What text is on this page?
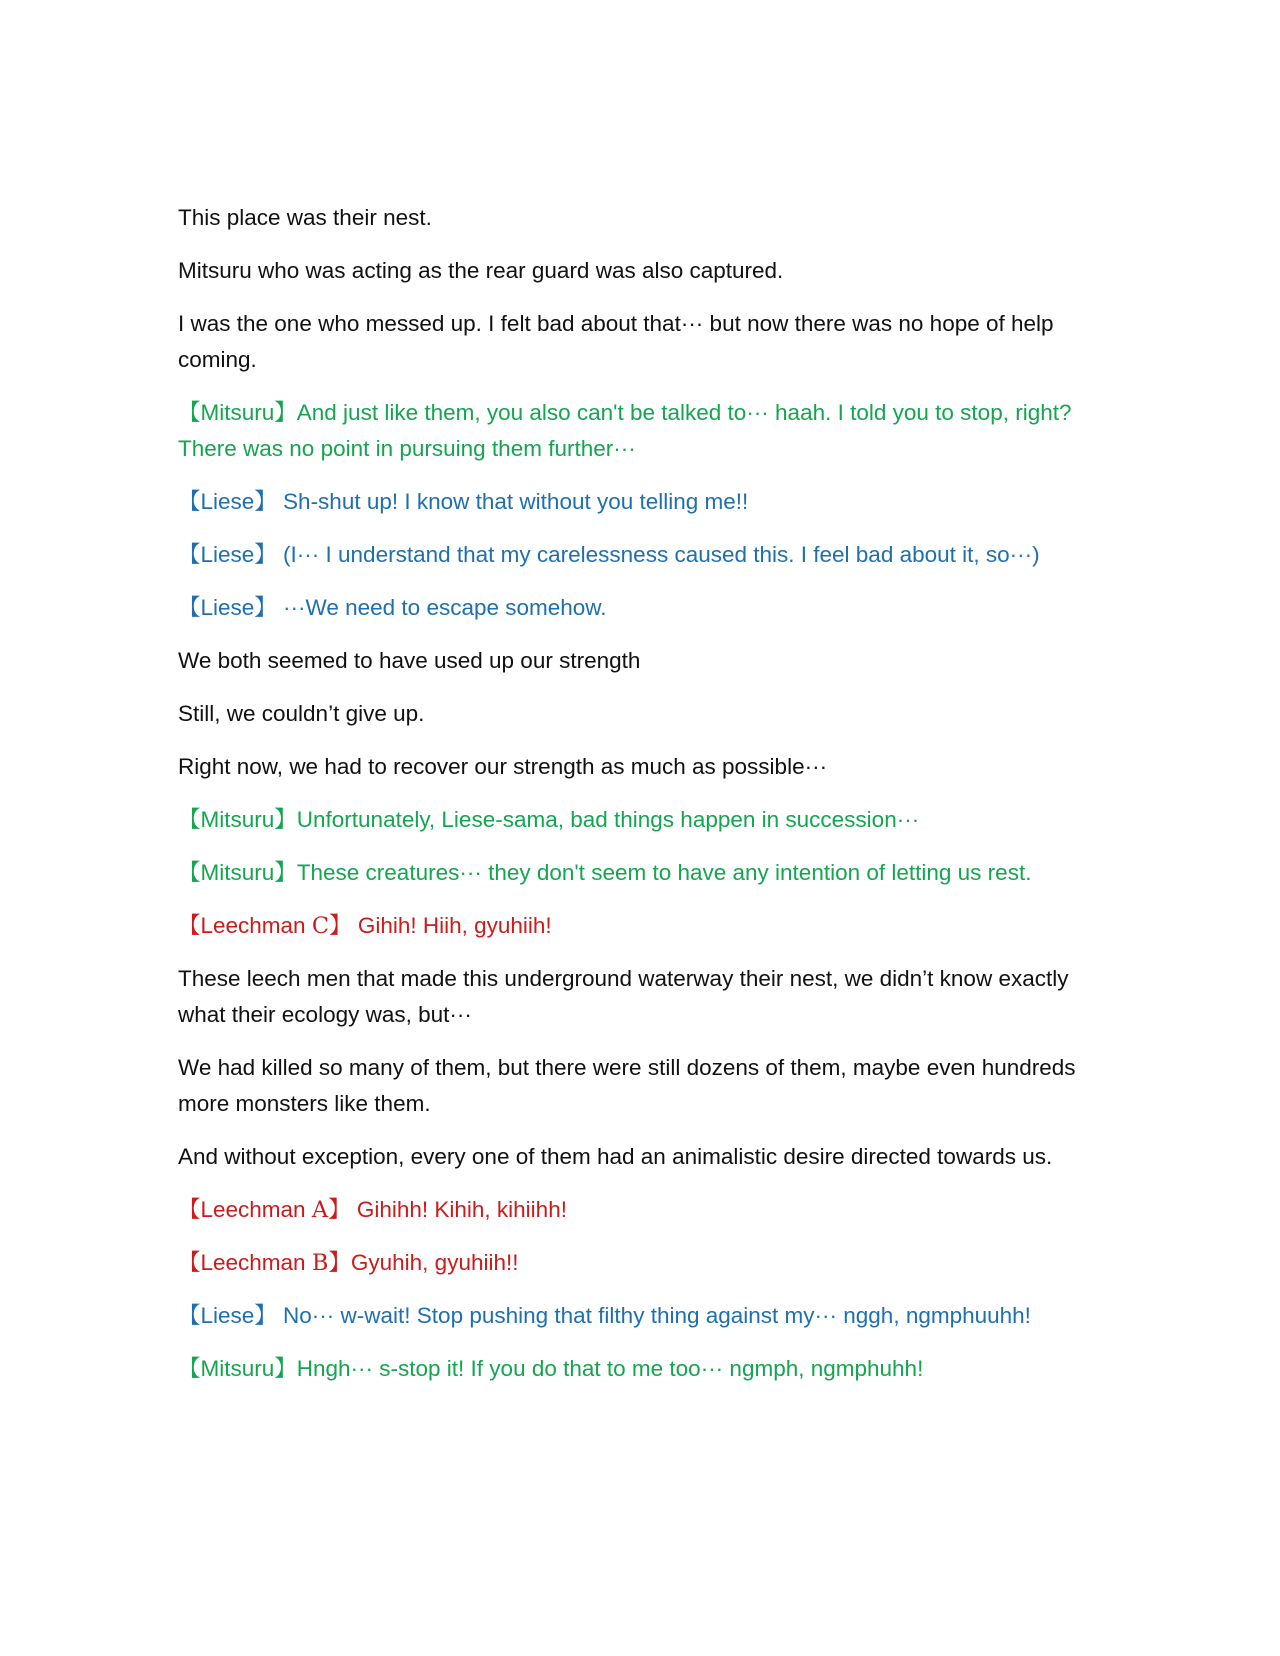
This place was their nest.

Mitsuru who was acting as the rear guard was also captured.

I was the one who messed up. I felt bad about that··· but now there was no hope of help coming.

【Mitsuru】And just like them, you also can't be talked to··· haah. I told you to stop, right? There was no point in pursuing them further···

【Liese】 Sh-shut up! I know that without you telling me!!

【Liese】 (I··· I understand that my carelessness caused this. I feel bad about it, so···)

【Liese】 ···We need to escape somehow.

We both seemed to have used up our strength

Still, we couldn’t give up.

Right now, we had to recover our strength as much as possible···

【Mitsuru】Unfortunately, Liese-sama, bad things happen in succession···

【Mitsuru】These creatures··· they don't seem to have any intention of letting us rest.

【Leechman C】 Gihih! Hiih, gyuhiih!

These leech men that made this underground waterway their nest, we didn’t know exactly what their ecology was, but···

We had killed so many of them, but there were still dozens of them, maybe even hundreds more monsters like them.

And without exception, every one of them had an animalistic desire directed towards us.

【Leechman A】 Gihihh! Kihih, kihiihh!

【Leechman B】Gyuhih, gyuhiih!!

【Liese】 No··· w-wait! Stop pushing that filthy thing against my··· nggh, ngmphuuhh!

【Mitsuru】Hngh··· s-stop it! If you do that to me too··· ngmph, ngmphuhh!
